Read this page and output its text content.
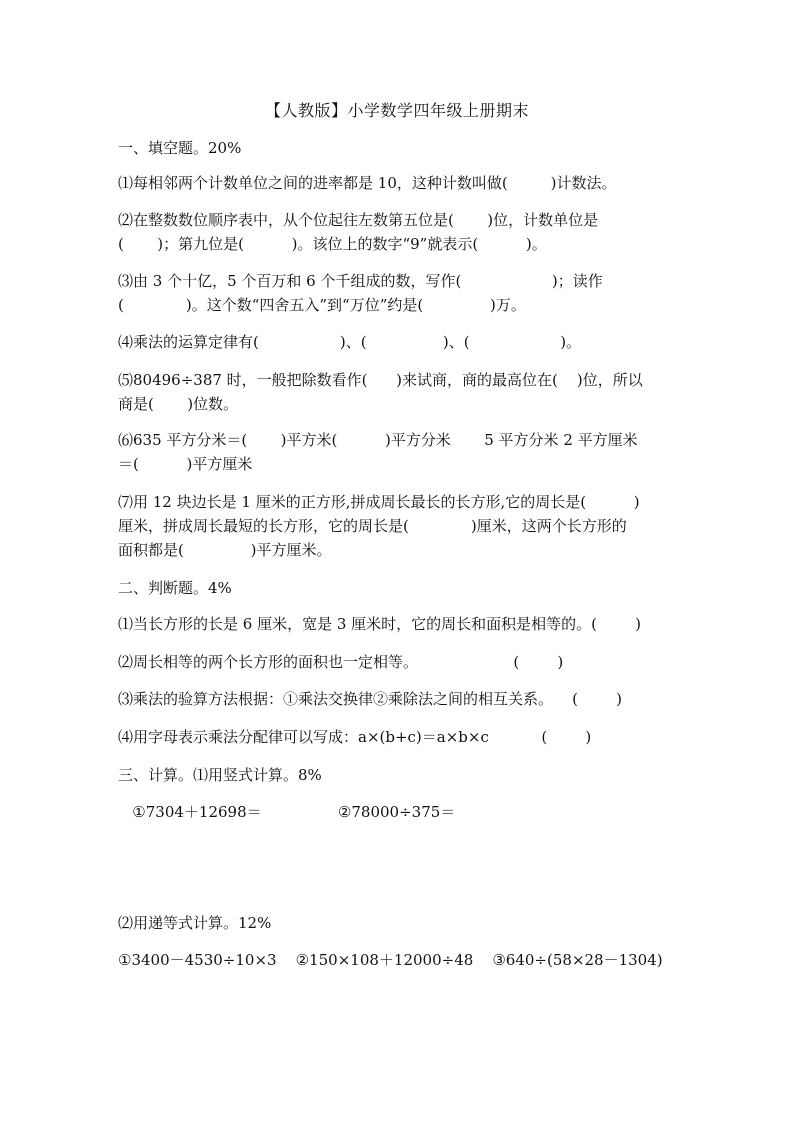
【人教版】小学数学四年级上册期末
一、填空题。20%
⑴每相邻两个计数单位之间的进率都是 10，这种计数叫做(         )计数法。
⑵在整数数位顺序表中，从个位起往左数第五位是(       )位，计数单位是
(       )；第九位是(          )。该位上的数字“9”就表示(          )。
⑶由 3 个十亿，5 个百万和 6 个千组成的数，写作(                   )；读作
(             )。这个数“四舍五入”到“万位”约是(              )万。
⑷乘法的运算定律有(                 )、(                )、(                   )。
⑸80496÷387 时，一般把除数看作(      )来试商，商的最高位在(    )位，所以
商是(       )位数。
⑹635 平方分米＝(       )平方米(          )平方分米       5 平方分米 2 平方厘米
＝(          )平方厘米
⑺用 12 块边长是 1 厘米的正方形,拼成周长最长的长方形,它的周长是(          )
厘米，拼成周长最短的长方形，它的周长是(             )厘米，这两个长方形的
面积都是(              )平方厘米。
二、判断题。4%
⑴当长方形的长是 6 厘米，宽是 3 厘米时，它的周长和面积是相等的。(        )
⑵周长相等的两个长方形的面积也一定相等。                    (        )
⑶乘法的验算方法根据：①乘法交换律②乘除法之间的相互关系。    (        )
⑷用字母表示乘法分配律可以写成：a×(b+c)＝a×b×c           (        )
三、计算。⑴用竖式计算。8%
①7304＋12698＝                ②78000÷375＝
⑵用递等式计算。12%
①3400－4530÷10×3    ②150×108＋12000÷48    ③640÷(58×28－1304)
